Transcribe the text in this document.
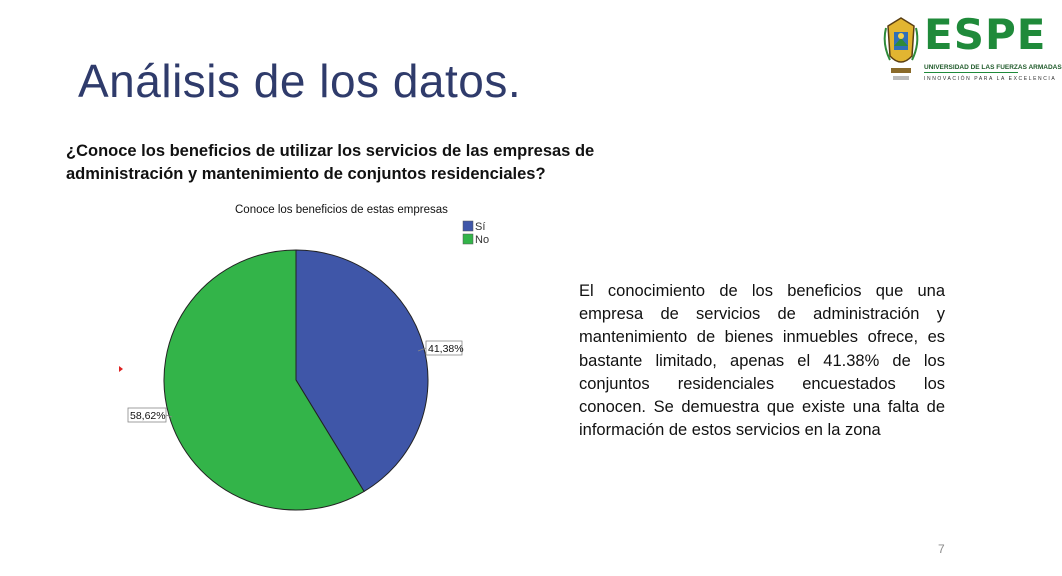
Análisis de los datos.
ESPE
UNIVERSIDAD DE LAS FUERZAS ARMADAS
INNOVACIÓN PARA LA EXCELENCIA
¿Conoce los beneficios de utilizar los servicios de las empresas de administración y mantenimiento de conjuntos residenciales?
Conoce los beneficios de estas empresas
Sí
No
41,38%
58,62%
El conocimiento de los beneficios que una empresa de servicios de administración y mantenimiento de bienes inmuebles ofrece, es bastante limitado, apenas el 41.38% de los conjuntos residenciales encuestados los conocen. Se demuestra que existe una falta de información de estos servicios en la zona
7
